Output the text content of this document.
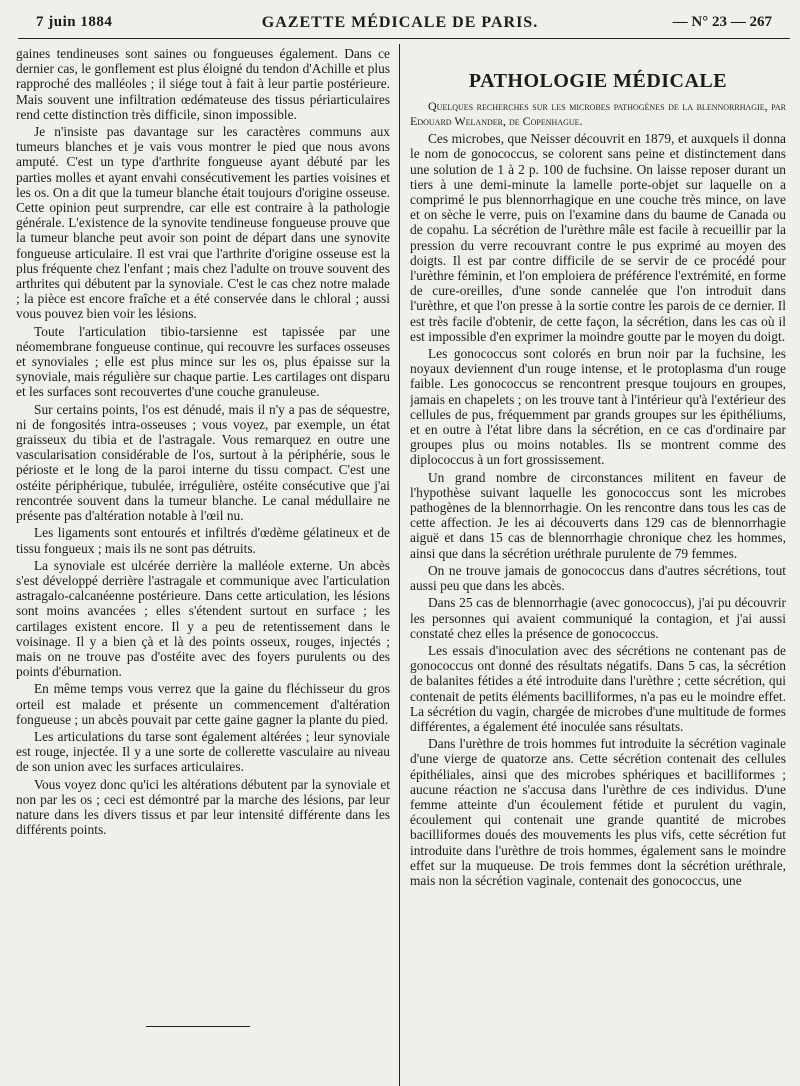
7 juin 1884	GAZETTE MÉDICALE DE PARIS.	— N° 23 — 267

gaines tendineuses sont saines ou fongueuses également. Dans ce dernier cas, le gonflement est plus éloigné du tendon d'Achille et plus rapproché des malléoles ; il siége tout à fait à leur partie postérieure. Mais souvent une infiltration œdémateuse des tissus périarticulaires rend cette distinction très difficile, sinon impossible.

Je n'insiste pas davantage sur les caractères communs aux tumeurs blanches et je vais vous montrer le pied que nous avons amputé. C'est un type d'arthrite fongueuse ayant débuté par les parties molles et ayant envahi consécutivement les parties voisines et les os. On a dit que la tumeur blanche était toujours d'origine osseuse. Cette opinion peut surprendre, car elle est contraire à la pathologie générale. L'existence de la synovite tendineuse fongueuse prouve que la tumeur blanche peut avoir son point de départ dans une synovite fongueuse articulaire. Il est vrai que l'arthrite d'origine osseuse est la plus fréquente chez l'enfant ; mais chez l'adulte on trouve souvent des arthrites qui débutent par la synoviale. C'est le cas chez notre malade ; la pièce est encore fraîche et a été conservée dans le chloral ; aussi vous pouvez bien voir les lésions.

Toute l'articulation tibio-tarsienne est tapissée par une néomembrane fongueuse continue, qui recouvre les surfaces osseuses et synoviales ; elle est plus mince sur les os, plus épaisse sur la synoviale, mais régulière sur chaque partie. Les cartilages ont disparu et les surfaces sont recouvertes d'une couche granuleuse.

Sur certains points, l'os est dénudé, mais il n'y a pas de séquestre, ni de fongosités intra-osseuses ; vous voyez, par exemple, un état graisseux du tibia et de l'astragale. Vous remarquez en outre une vascularisation considérable de l'os, surtout à la périphérie, sous le périoste et le long de la paroi interne du tissu compact. C'est une ostéite périphérique, tubulée, irrégulière, ostéite consécutive que j'ai rencontrée souvent dans la tumeur blanche. Le canal médullaire ne présente pas d'altération notable à l'œil nu.

Les ligaments sont entourés et infiltrés d'œdème gélatineux et de tissu fongueux ; mais ils ne sont pas détruits.

La synoviale est ulcérée derrière la malléole externe. Un abcès s'est développé derrière l'astragale et communique avec l'articulation astragalo-calcanéenne postérieure. Dans cette articulation, les lésions sont moins avancées ; elles s'étendent surtout en surface ; les cartilages existent encore. Il y a peu de retentissement dans le voisinage. Il y a bien çà et là des points osseux, rouges, injectés ; mais on ne trouve pas d'ostéite avec des foyers purulents ou des points d'éburnation.

En même temps vous verrez que la gaine du fléchisseur du gros orteil est malade et présente un commencement d'altération fongueuse ; un abcès pouvait par cette gaine gagner la plante du pied.

Les articulations du tarse sont également altérées ; leur synoviale est rouge, injectée. Il y a une sorte de collerette vasculaire au niveau de son union avec les surfaces articulaires.

Vous voyez donc qu'ici les altérations débutent par la synoviale et non par les os ; ceci est démontré par la marche des lésions, par leur nature dans les divers tissus et par leur intensité différente dans les différents points.

PATHOLOGIE MÉDICALE

Quelques recherches sur les microbes pathogènes de la blennorrhagie, par Edouard Welander, de Copenhague.

Ces microbes, que Neisser découvrit en 1879, et auxquels il donna le nom de gonococcus, se colorent sans peine et distinctement dans une solution de 1 à 2 p. 100 de fuchsine. On laisse reposer durant un tiers à une demi-minute la lamelle porte-objet sur laquelle on a comprimé le pus blennorrhagique en une couche très mince, on lave et on sèche le verre, puis on l'examine dans du baume de Canada ou de copahu. La sécrétion de l'urèthre mâle est facile à recueillir par la pression du verre recouvrant contre le pus exprimé au moyen des doigts. Il est par contre difficile de se servir de ce procédé pour l'urèthre féminin, et l'on emploiera de préférence l'extrémité, en forme de cure-oreilles, d'une sonde cannelée que l'on introduit dans l'urèthre, et que l'on presse à la sortie contre les parois de ce dernier. Il est très facile d'obtenir, de cette façon, la sécrétion, dans les cas où il est impossible d'en exprimer la moindre goutte par le moyen du doigt.

Les gonococcus sont colorés en brun noir par la fuchsine, les noyaux deviennent d'un rouge intense, et le protoplasma d'un rouge faible. Les gonococcus se rencontrent presque toujours en groupes, jamais en chapelets ; on les trouve tant à l'intérieur qu'à l'extérieur des cellules de pus, fréquemment par grands groupes sur les épithéliums, et en outre à l'état libre dans la sécrétion, en ce cas d'ordinaire par groupes plus ou moins notables. Ils se montrent comme des diplococcus à un fort grossissement.

Un grand nombre de circonstances militent en faveur de l'hypothèse suivant laquelle les gonococcus sont les microbes pathogènes de la blennorrhagie. On les rencontre dans tous les cas de cette affection. Je les ai découverts dans 129 cas de blennorrhagie aiguë et dans 15 cas de blennorrhagie chronique chez les hommes, ainsi que dans la sécrétion uréthrale purulente de 79 femmes.

On ne trouve jamais de gonococcus dans d'autres sécrétions, tout aussi peu que dans les abcès.

Dans 25 cas de blennorrhagie (avec gonococcus), j'ai pu découvrir les personnes qui avaient communiqué la contagion, et j'ai aussi constaté chez elles la présence de gonococcus.

Les essais d'inoculation avec des sécrétions ne contenant pas de gonococcus ont donné des résultats négatifs. Dans 5 cas, la sécrétion de balanites fétides a été introduite dans l'urèthre ; cette sécrétion, qui contenait de petits éléments bacilliformes, n'a pas eu le moindre effet. La sécrétion du vagin, chargée de microbes d'une multitude de formes différentes, a également été inoculée sans résultats.

Dans l'urèthre de trois hommes fut introduite la sécrétion vaginale d'une vierge de quatorze ans. Cette sécrétion contenait des cellules épithéliales, ainsi que des microbes sphériques et bacilliformes ; aucune réaction ne s'accusa dans l'urèthre de ces individus. D'une femme atteinte d'un écoulement fétide et purulent du vagin, écoulement qui contenait une grande quantité de microbes bacilliformes doués des mouvements les plus vifs, cette sécrétion fut introduite dans l'urèthre de trois hommes, également sans le moindre effet sur la muqueuse. De trois femmes dont la sécrétion uréthrale, mais non la sécrétion vaginale, contenait des gonococcus, une
